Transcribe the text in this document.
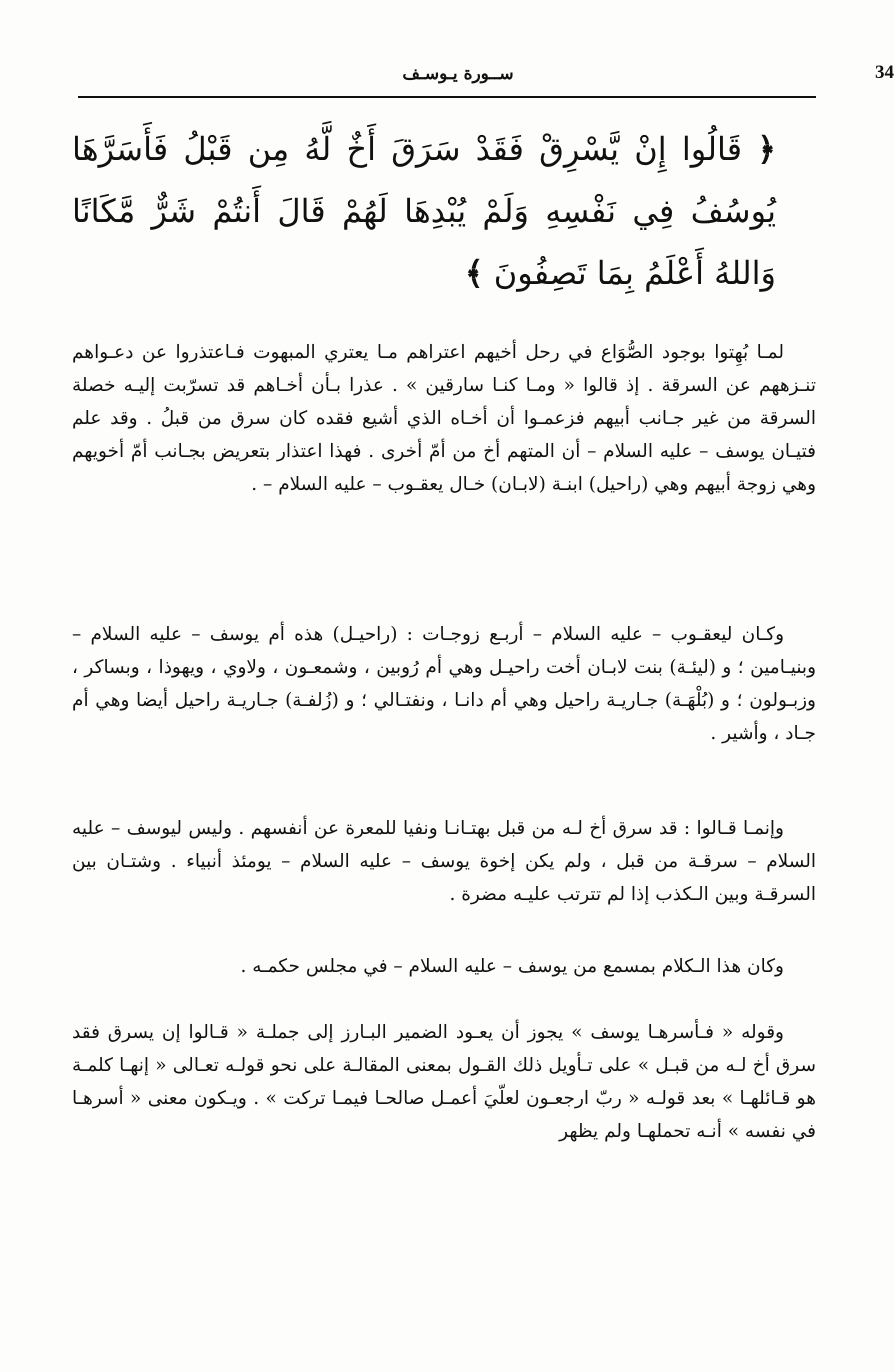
34
ســورة يـوسـف
﴿ قَالُوا إِنْ يَّسْرِقْ فَقَدْ سَرَقَ أَخٌ لَّهُ مِن قَبْلُ فَأَسَرَّهَا يُوسُفُ فِي نَفْسِهِ وَلَمْ يُبْدِهَا لَهُمْ قَالَ أَنتُمْ شَرٌّ مَّكَانًا وَاللهُ أَعْلَمُ بِمَا تَصِفُونَ ﴾
لمـا بُهِتوا بوجود الصُّوَاع في رحل أخيهم اعتراهم مـا يعتري المبهوت فـاعتذروا عن دعـواهم تنـزههم عن السرقة . إذ قالوا « ومـا كنـا سارقين » . عذرا بـأن أخـاهم قد تسرّبت إليـه خصلة السرقة من غير جـانب أبيهم فزعمـوا أن أخـاه الذي أشيع فقده كان سرق من قبلُ . وقد علم فتيـان يوسف – عليه السلام – أن المتهم أخ من أمّ أخرى . فهذا اعتذار بتعريض بجـانب أمّ أخويهم وهي زوجة أبيهم وهي (راحيل) ابنـة (لابـان) خـال يعقـوب – عليه السلام – .
وكـان ليعقـوب – عليه السلام – أربـع زوجـات : (راحيـل) هذه أم يوسف – عليه السلام – وبنيـامين ؛ و (ليئـة) بنت لابـان أخت راحيـل وهي أم رُوبين ، وشمعـون ، ولاوي ، ويهوذا ، وبساكر ، وزبـولون ؛ و (بُلْهَـة) جـاريـة راحيل وهي أم دانـا ، ونفتـالي ؛ و (زُلفـة) جـاريـة راحيل أيضا وهي أم جـاد ، وأشير .
وإنمـا قـالوا : قد سرق أخ لـه من قبل بهتـانـا ونفيا للمعرة عن أنفسهم . وليس ليوسف – عليه السلام – سرقـة من قبل ، ولم يكن إخوة يوسف – عليه السلام – يومئذ أنبياء . وشتـان بين السرقـة وبين الـكذب إذا لم تترتب عليـه مضرة .
وكان هذا الـكلام بمسمع من يوسف – عليه السلام – في مجلس حكمـه .
وقوله « فـأسرهـا يوسف » يجوز أن يعـود الضمير البـارز إلى جملـة « قـالوا إن يسرق فقد سرق أخ لـه من قبـل » على تـأويل ذلك القـول بمعنى المقالـة على نحو قولـه تعـالى « إنهـا كلمـة هو قـائلهـا » بعد قولـه « ربّ ارجعـون لعلّيَ أعمـل صالحـا فيمـا تركت » . ويـكون معنى « أسرهـا في نفسه » أنـه تحملهـا ولم يظهر
